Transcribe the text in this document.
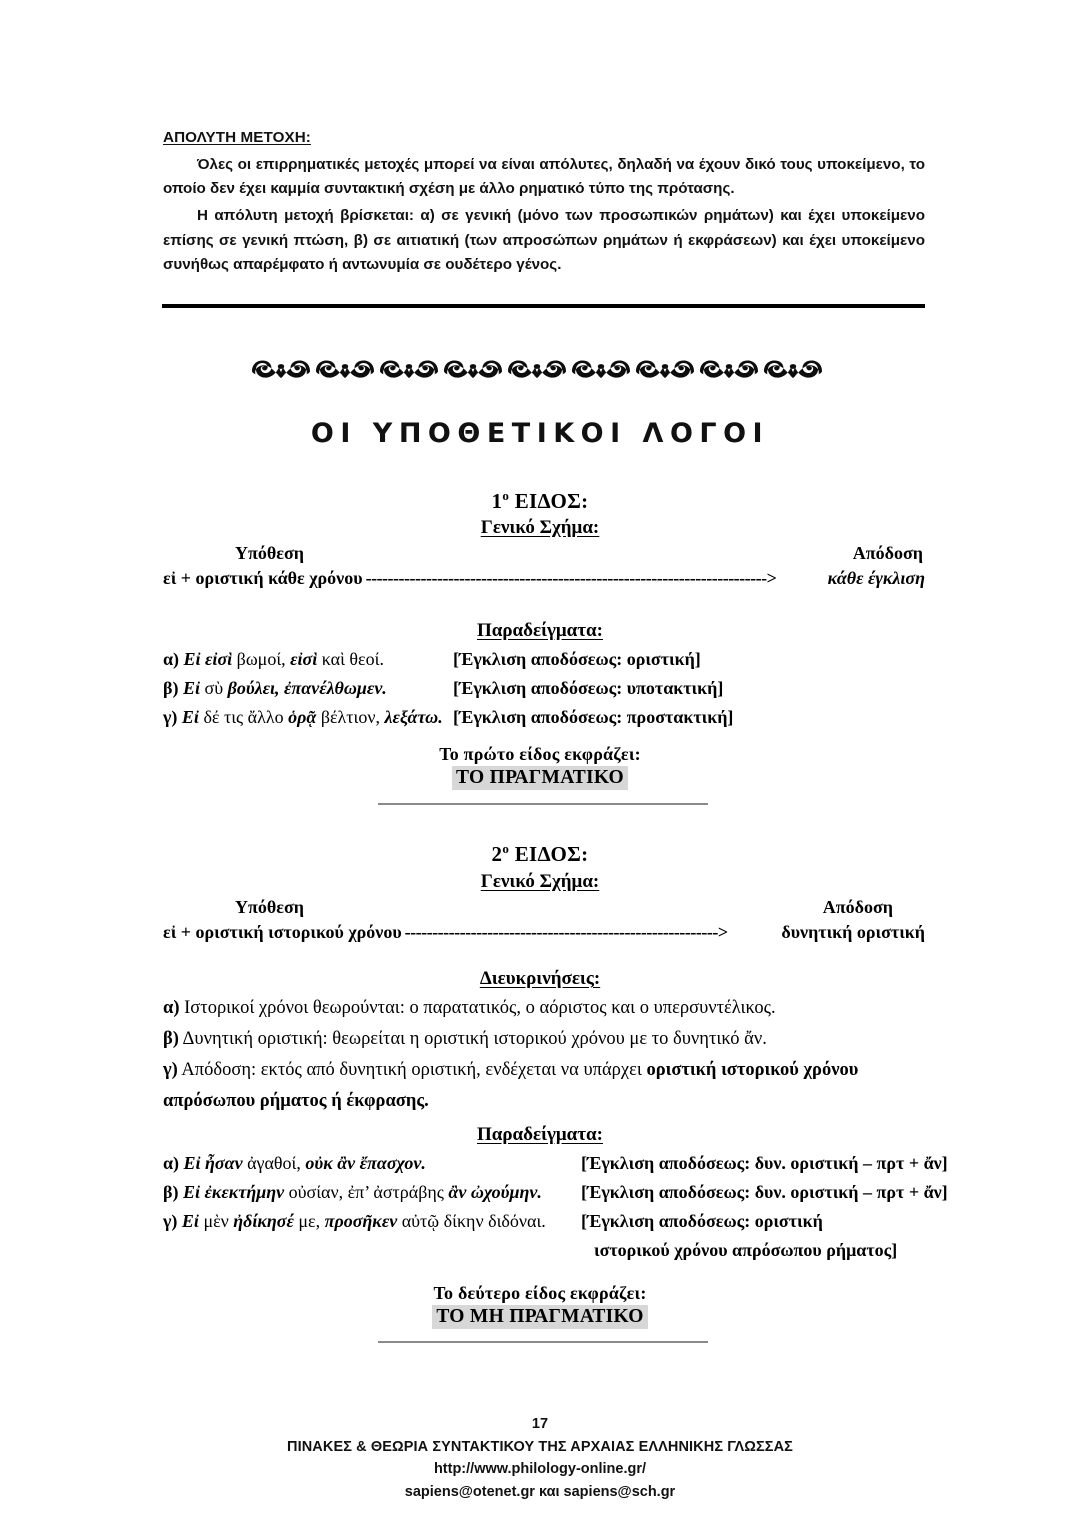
ΑΠΟΛΥΤΗ ΜΕΤΟΧΗ:
Όλες οι επιρρηματικές μετοχές μπορεί να είναι απόλυτες, δηλαδή να έχουν δικό τους υποκείμενο, το οποίο δεν έχει καμμία συντακτική σχέση με άλλο ρηματικό τύπο της πρότασης.
Η απόλυτη μετοχή βρίσκεται: α) σε γενική (μόνο των προσωπικών ρημάτων) και έχει υποκείμενο επίσης σε γενική πτώση, β) σε αιτιατική (των απροσώπων ρημάτων ή εκφράσεων) και έχει υποκείμενο συνήθως απαρέμφατο ή αντωνυμία σε ουδέτερο γένος.
ΟΙ ΥΠΟΘΕΤΙΚΟΙ ΛΟΓΟΙ
$1^o$ ΕΙΔΟΣ:
Γενικό Σχήμα:
Υπόθεση	Απόδοση
εἰ + οριστική κάθε χρόνου ------------------------------------------------------------------------->	κάθε έγκλιση
Παραδείγματα:
α) Εἰ εἰσὶ βωμοί, εἰσὶ καὶ θεοί.	[Έγκλιση αποδόσεως: οριστική]
β) Εἰ σὺ βούλει, ἐπανέλθωμεν.	[Έγκλιση αποδόσεως: υποτακτική]
γ) Εἰ δέ τις ἄλλο ὁρᾷ βέλτιον, λεξάτω. [Έγκλιση αποδόσεως: προστακτική]
Το πρώτο είδος εκφράζει:
ΤΟ ΠΡΑΓΜΑΤΙΚΟ
$2^o$ ΕΙΔΟΣ:
Γενικό Σχήμα:
Υπόθεση	Απόδοση
εἰ + οριστική ιστορικού χρόνου --------------------------------------------------------->	δυνητική οριστική
Διευκρινήσεις:
α) Ιστορικοί χρόνοι θεωρούνται: ο παρατατικός, ο αόριστος και ο υπερσυντέλικος.
β) Δυνητική οριστική: θεωρείται η οριστική ιστορικού χρόνου με το δυνητικό ἄν.
γ) Απόδοση: εκτός από δυνητική οριστική, ενδέχεται να υπάρχει οριστική ιστορικού χρόνου
απρόσωπου ρήματος ή έκφρασης.
Παραδείγματα:
α) Εἰ ἦσαν ἀγαθοί, οὐκ ἂν ἔπασχον.	[Έγκλιση αποδόσεως: δυν. οριστική – πρτ + ἄν]
β) Εἰ ἐκεκτήμην οὐσίαν, ἐπ’ ἀστράβης ἂν ὠχούμην.	[Έγκλιση αποδόσεως: δυν. οριστική – πρτ + ἄν]
γ) Εἰ μὲν ἠδίκησέ με, προσῆκεν αὐτῷ δίκην διδόναι.	[Έγκλιση αποδόσεως: οριστική

ιστορικού χρόνου απρόσωπου ρήματος]
Το δεύτερο είδος εκφράζει:
ΤΟ ΜΗ ΠΡΑΓΜΑΤΙΚΟ
17
ΠΙΝΑΚΕΣ & ΘΕΩΡΙΑ ΣΥΝΤΑΚΤΙΚΟΥ ΤΗΣ ΑΡΧΑΙΑΣ ΕΛΛΗΝΙΚΗΣ ΓΛΩΣΣΑΣ
http://www.philology-online.gr/
sapiens@otenet.gr και sapiens@sch.gr
